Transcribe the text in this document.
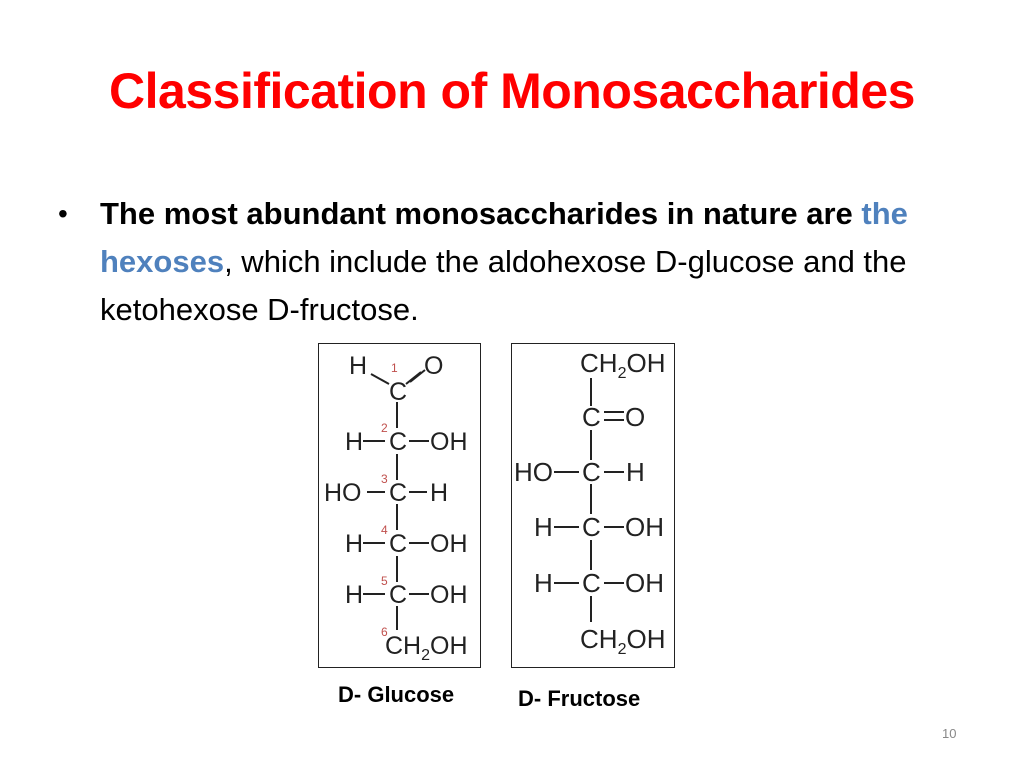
Classification of Monosaccharides
• The most abundant monosaccharides in nature are the hexoses, which include the aldohexose D-glucose and the ketohexose D-fructose.
H
C
O
H C OH
HO C H
H C OH
H C OH
$CH_2OH$
1
2
3
4
5
6
$CH_2OH$
C O
HO C H
H C OH
H C OH
$CH_2OH$
D- Glucose	D- Fructose
10
